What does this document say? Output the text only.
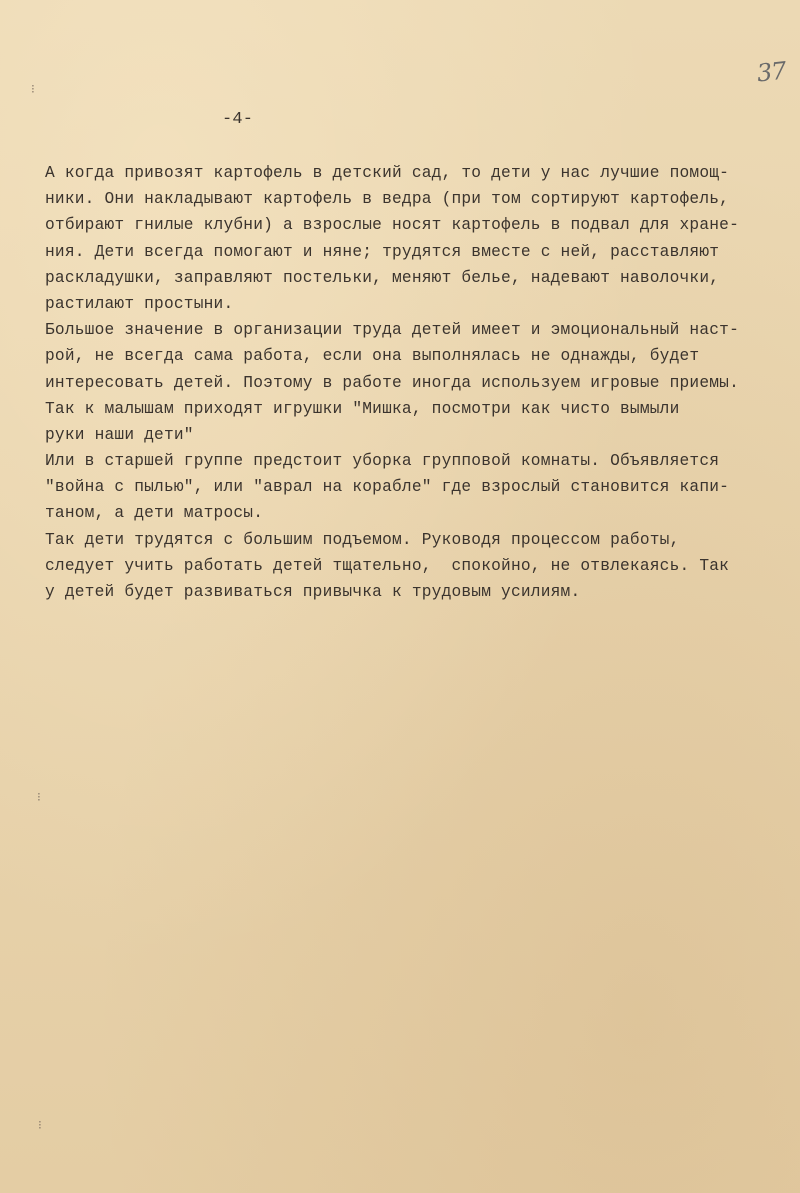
⁝
⁝
⁝
37
-4-
А когда привозят картофель в детский сад, то дети у нас лучшие помощ-
ники. Они накладывают картофель в ведра (при том сортируют картофель,
отбирают гнилые клубни) а взрослые носят картофель в подвал для хране-
ния. Дети всегда помогают и няне; трудятся вместе с ней, расставляют
раскладушки, заправляют постельки, меняют белье, надевают наволочки,
растилают простыни.
Большое значение в организации труда детей имеет и эмоциональный наст-
рой, не всегда сама работа, если она выполнялась не однажды, будет
интересовать детей. Поэтому в работе иногда используем игровые приемы.
Так к малышам приходят игрушки "Мишка, посмотри как чисто вымыли
руки наши дети"
Или в старшей группе предстоит уборка групповой комнаты. Объявляется
"война с пылью", или "аврал на корабле" где взрослый становится капи-
таном, а дети матросы.
Так дети трудятся с большим подъемом. Руководя процессом работы,
следует учить работать детей тщательно,  спокойно, не отвлекаясь. Так
у детей будет развиваться привычка к трудовым усилиям.
